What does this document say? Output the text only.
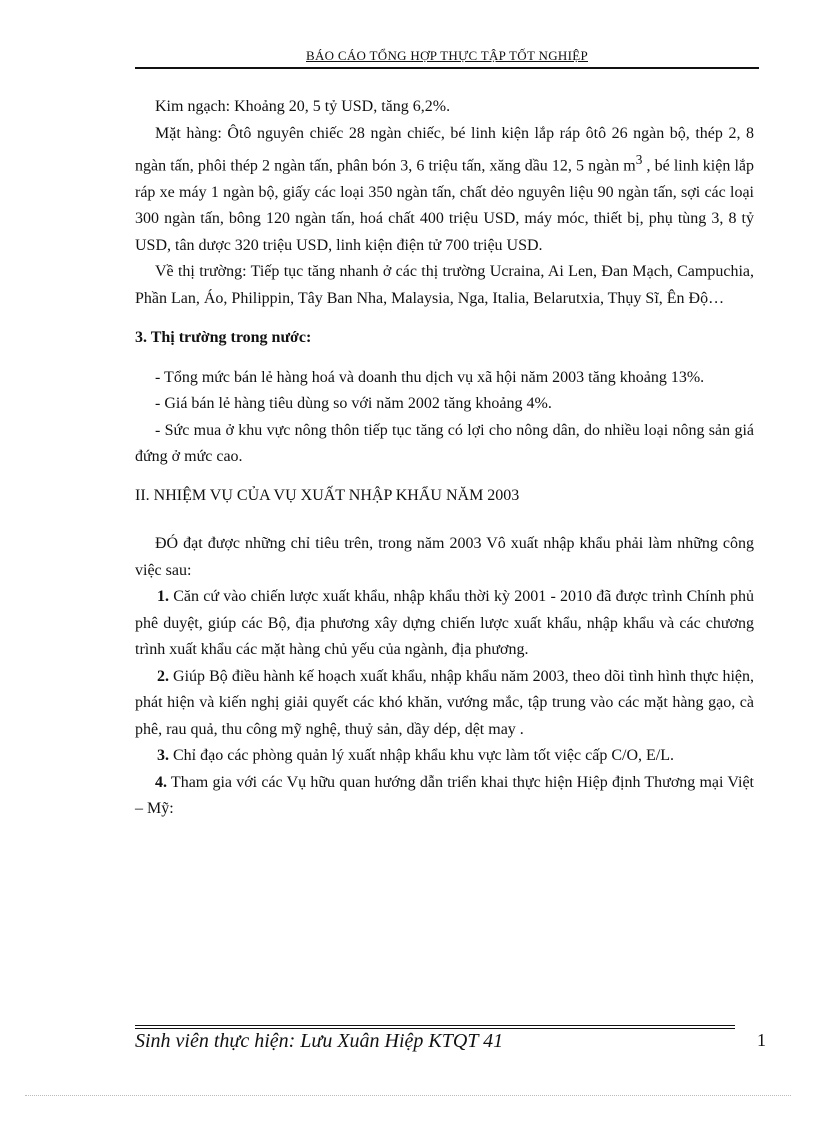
BÁO CÁO TỔNG HỢP THỰC TẬP TỐT NGHIỆP

Kim ngạch: Khoảng 20, 5 tỷ USD, tăng 6,2%.

Mặt hàng: Ôtô nguyên chiếc 28 ngàn chiếc, bé linh kiện lắp ráp ôtô 26 ngàn bộ, thép 2, 8 ngàn tấn, phôi thép 2 ngàn tấn, phân bón 3, 6 triệu tấn, xăng dầu 12, 5 ngàn $m^3$ , bé linh kiện lắp ráp xe máy 1 ngàn bộ, giấy các loại 350 ngàn tấn, chất dẻo nguyên liệu 90 ngàn tấn, sợi các loại 300 ngàn tấn, bông 120 ngàn tấn, hoá chất 400 triệu USD, máy móc, thiết bị, phụ tùng 3, 8 tỷ USD, tân dược 320 triệu USD, linh kiện điện tử 700 triệu USD.

Về thị trường: Tiếp tục tăng nhanh ở các thị trường Ucraina, Ai Len, Đan Mạch, Campuchia, Phần Lan, Áo, Philippin, Tây Ban Nha, Malaysia, Nga, Italia, Belarutxia, Thụy Sĩ, Ên Độ…

3. Thị trường trong nước:

- Tổng mức bán lẻ hàng hoá và doanh thu dịch vụ xã hội năm 2003 tăng khoảng 13%.

- Giá bán lẻ hàng tiêu dùng so với năm 2002 tăng khoảng 4%.

- Sức mua ở khu vực nông thôn tiếp tục tăng có lợi cho nông dân, do nhiều loại nông sản giá đứng ở mức cao.

II. NHIỆM VỤ CỦA VỤ XUẤT NHẬP KHẨU NĂM 2003

ĐÓ đạt được những chỉ tiêu trên, trong năm 2003 Vô xuất nhập khẩu phải làm những công việc sau:

1. Căn cứ vào chiến lược xuất khẩu, nhập khẩu thời kỳ 2001 - 2010 đã được trình Chính phủ phê duyệt, giúp các Bộ, địa phương xây dựng chiến lược xuất khẩu, nhập khẩu và các chương trình xuất khẩu các mặt hàng chủ yếu của ngành, địa phương.

2. Giúp Bộ điều hành kế hoạch xuất khẩu, nhập khẩu năm 2003, theo dõi tình hình thực hiện, phát hiện và kiến nghị giải quyết các khó khăn, vướng mắc, tập trung vào các mặt hàng gạo, cà phê, rau quả, thu công mỹ nghệ, thuỷ sản, dầy dép, dệt may .

3. Chỉ đạo các phòng quản lý xuất nhập khẩu khu vực làm tốt việc cấp C/O, E/L.

4. Tham gia với các Vụ hữu quan hướng dẫn triển khai thực hiện Hiệp định Thương mại Việt – Mỹ:

Sinh viên thực hiện: Lưu Xuân Hiệp KTQT 41	1
